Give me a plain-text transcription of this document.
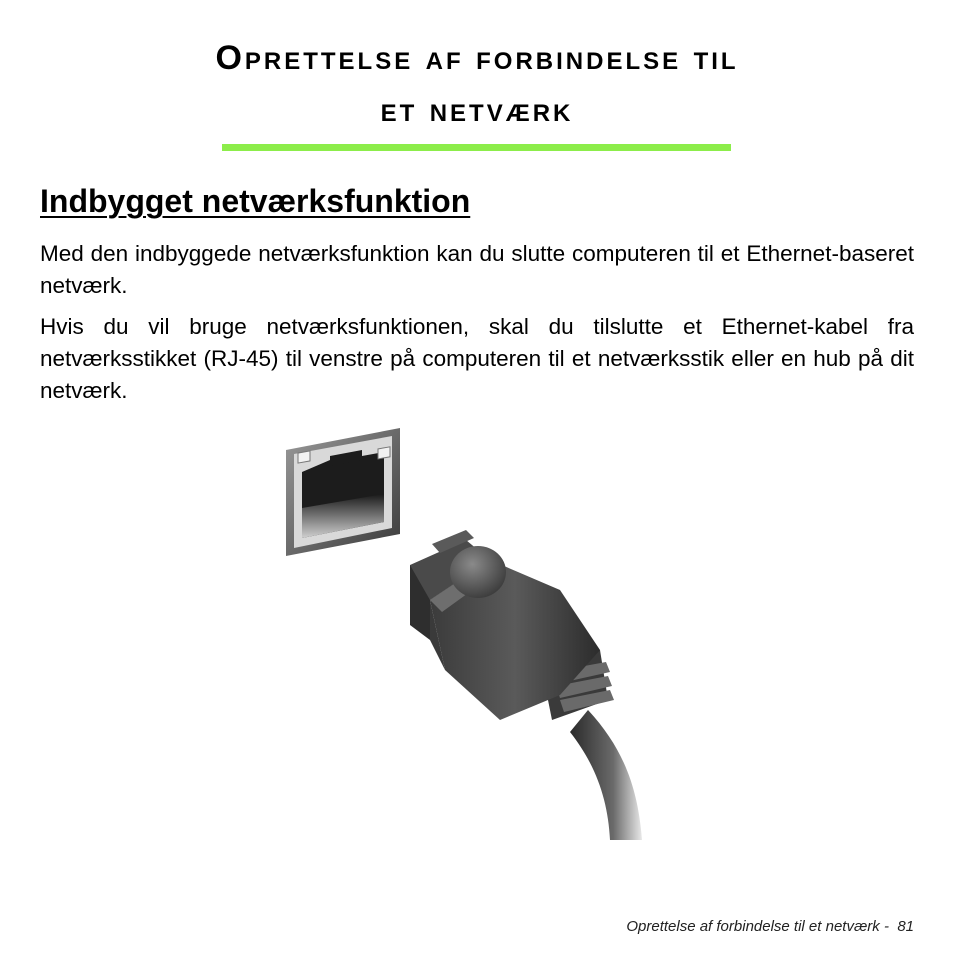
Oprettelse af forbindelse til
et netværk
Indbygget netværksfunktion

Med den indbyggede netværksfunktion kan du slutte computeren til et Ethernet-baseret netværk.

Hvis du vil bruge netværksfunktionen, skal du tilslutte et Ethernet-kabel fra netværksstikket (RJ-45) til venstre på computeren til et netværksstik eller en hub på dit netværk.

Oprettelse af forbindelse til et netværk - 81
